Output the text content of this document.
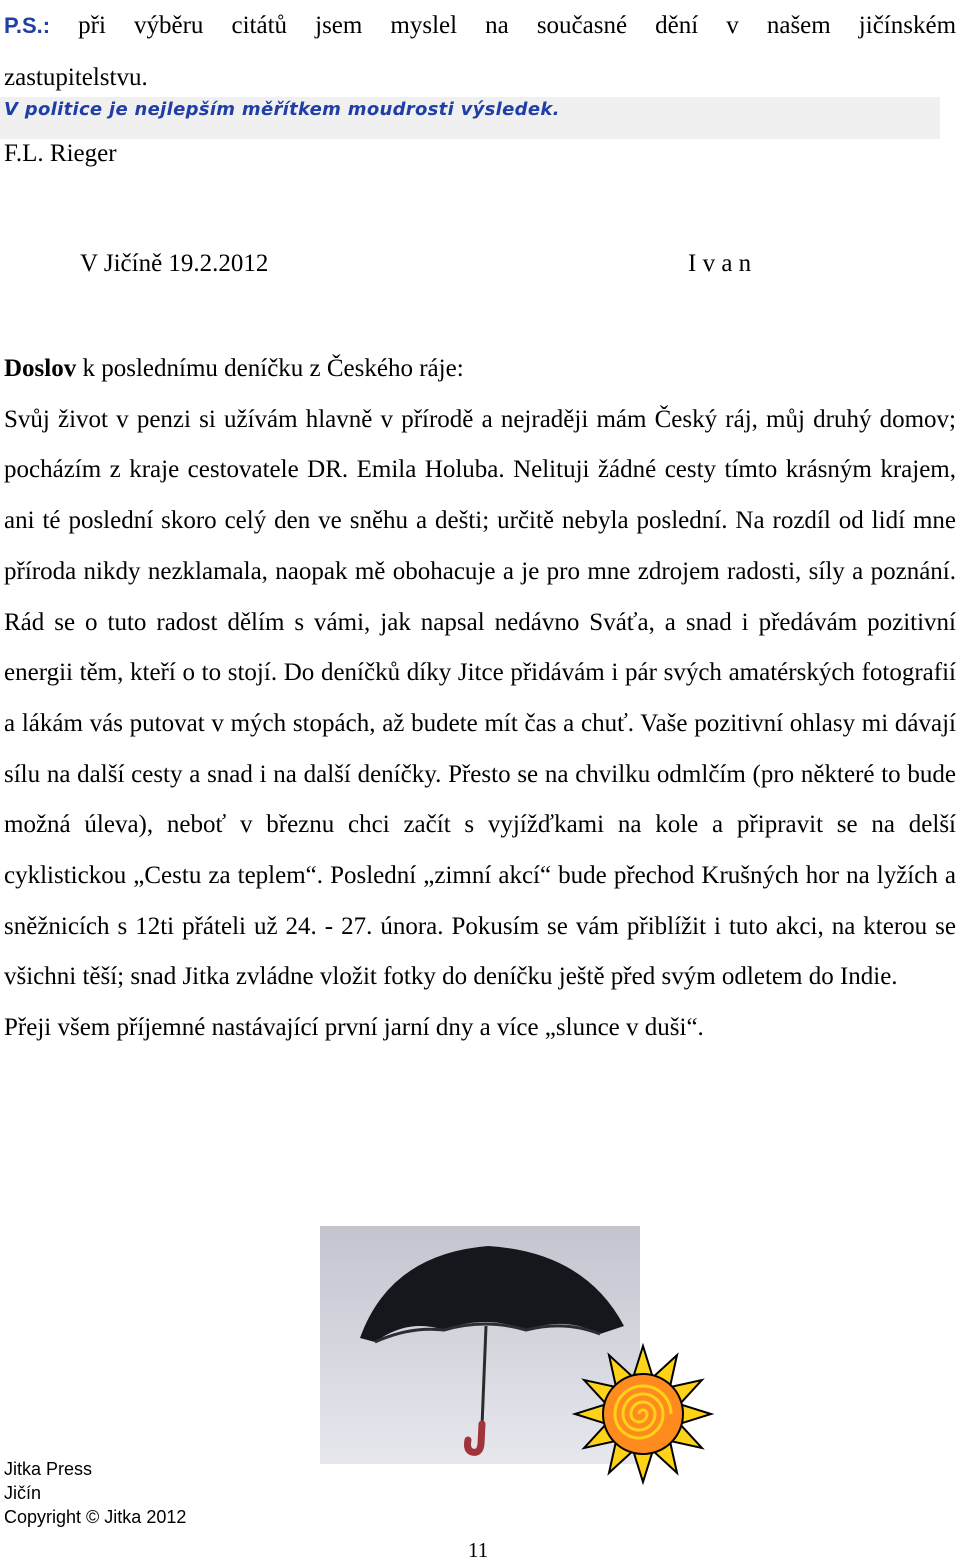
P.S.: při výběru citátů jsem myslel na současné dění v našem jičínském
zastupitelstvu.
V politice je nejlepším měřítkem moudrosti výsledek.
F.L. Rieger
V Jičíně 19.2.2012	I v a n

Doslov k poslednímu deníčku z Českého ráje:

Svůj život v penzi si užívám hlavně v přírodě a nejraději mám Český ráj, můj druhý domov; pocházím z kraje cestovatele DR. Emila Holuba. Nelituji žádné cesty tímto krásným krajem, ani té poslední skoro celý den ve sněhu a dešti; určitě nebyla poslední. Na rozdíl od lidí mne příroda nikdy nezklamala, naopak mě obohacuje a je pro mne zdrojem radosti, síly a poznání. Rád se o tuto radost dělím s vámi, jak napsal nedávno Sváťa, a snad i předávám pozitivní energii těm, kteří o to stojí. Do deníčků díky Jitce přidávám i pár svých amatérských fotografií a lákám vás putovat v mých stopách, až budete mít čas a chuť. Vaše pozitivní ohlasy mi dávají sílu na další cesty a snad i na další deníčky. Přesto se na chvilku odmlčím (pro některé to bude možná úleva), neboť v březnu chci začít s vyjížďkami na kole a připravit se na delší cyklistickou „Cestu za teplem“. Poslední „zimní akcí“ bude přechod Krušných hor na lyžích a sněžnicích s 12ti přáteli už 24. - 27. února. Pokusím se vám přiblížit i tuto akci, na kterou se všichni těší; snad Jitka zvládne vložit fotky do deníčku ještě před svým odletem do Indie.

Přeji všem příjemné nastávající první jarní dny a více „slunce v duši“.

Jitka Press
Jičín
Copyright © Jitka 2012
11
